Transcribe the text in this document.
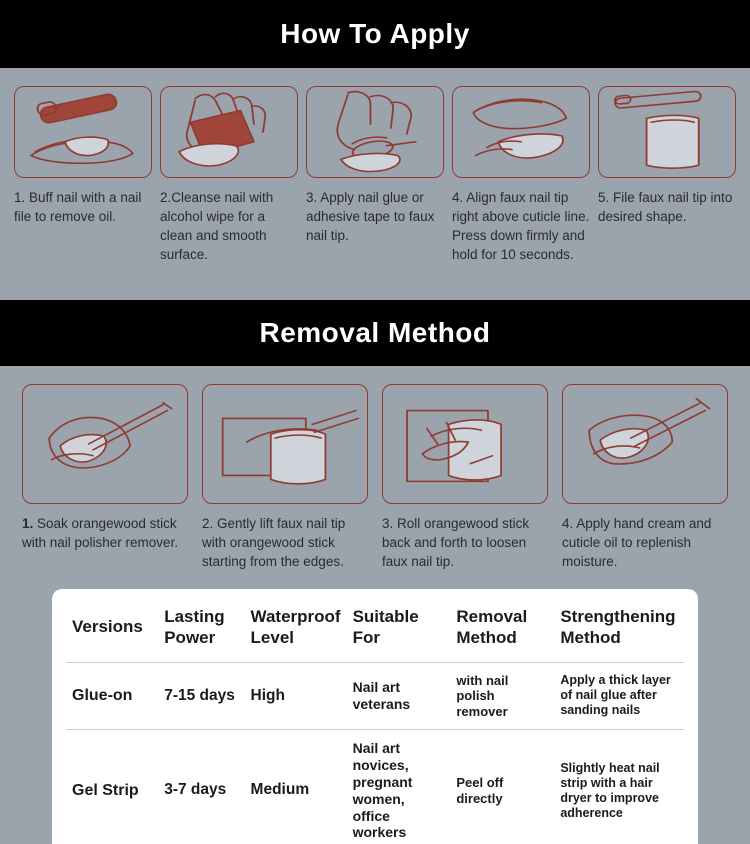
How To Apply
1. Buff nail with a nail file to remove oil.
2.Cleanse nail with alcohol wipe for a clean and smooth surface.
3. Apply nail glue or adhesive tape to faux nail tip.
4. Align faux nail tip right above cuticle line. Press down firmly and hold for 10 seconds.
5. File faux nail tip into desired shape.
Removal Method
1. Soak orangewood stick with nail polisher remover.
2. Gently lift faux nail tip with orangewood stick starting from the edges.
3. Roll orangewood stick back and forth to loosen faux nail tip.
4. Apply hand cream and cuticle oil to replenish moisture.
Versions	Lasting Power	Waterproof Level	Suitable For	Removal Method	Strengthening Method
Glue-on	7-15 days	High	Nail art veterans	with nail polish remover	Apply a thick layer of nail glue after sanding nails
Gel Strip	3-7 days	Medium	Nail art novices, pregnant women, office workers	Peel off directly	Slightly heat nail strip with a hair dryer to improve adherence
